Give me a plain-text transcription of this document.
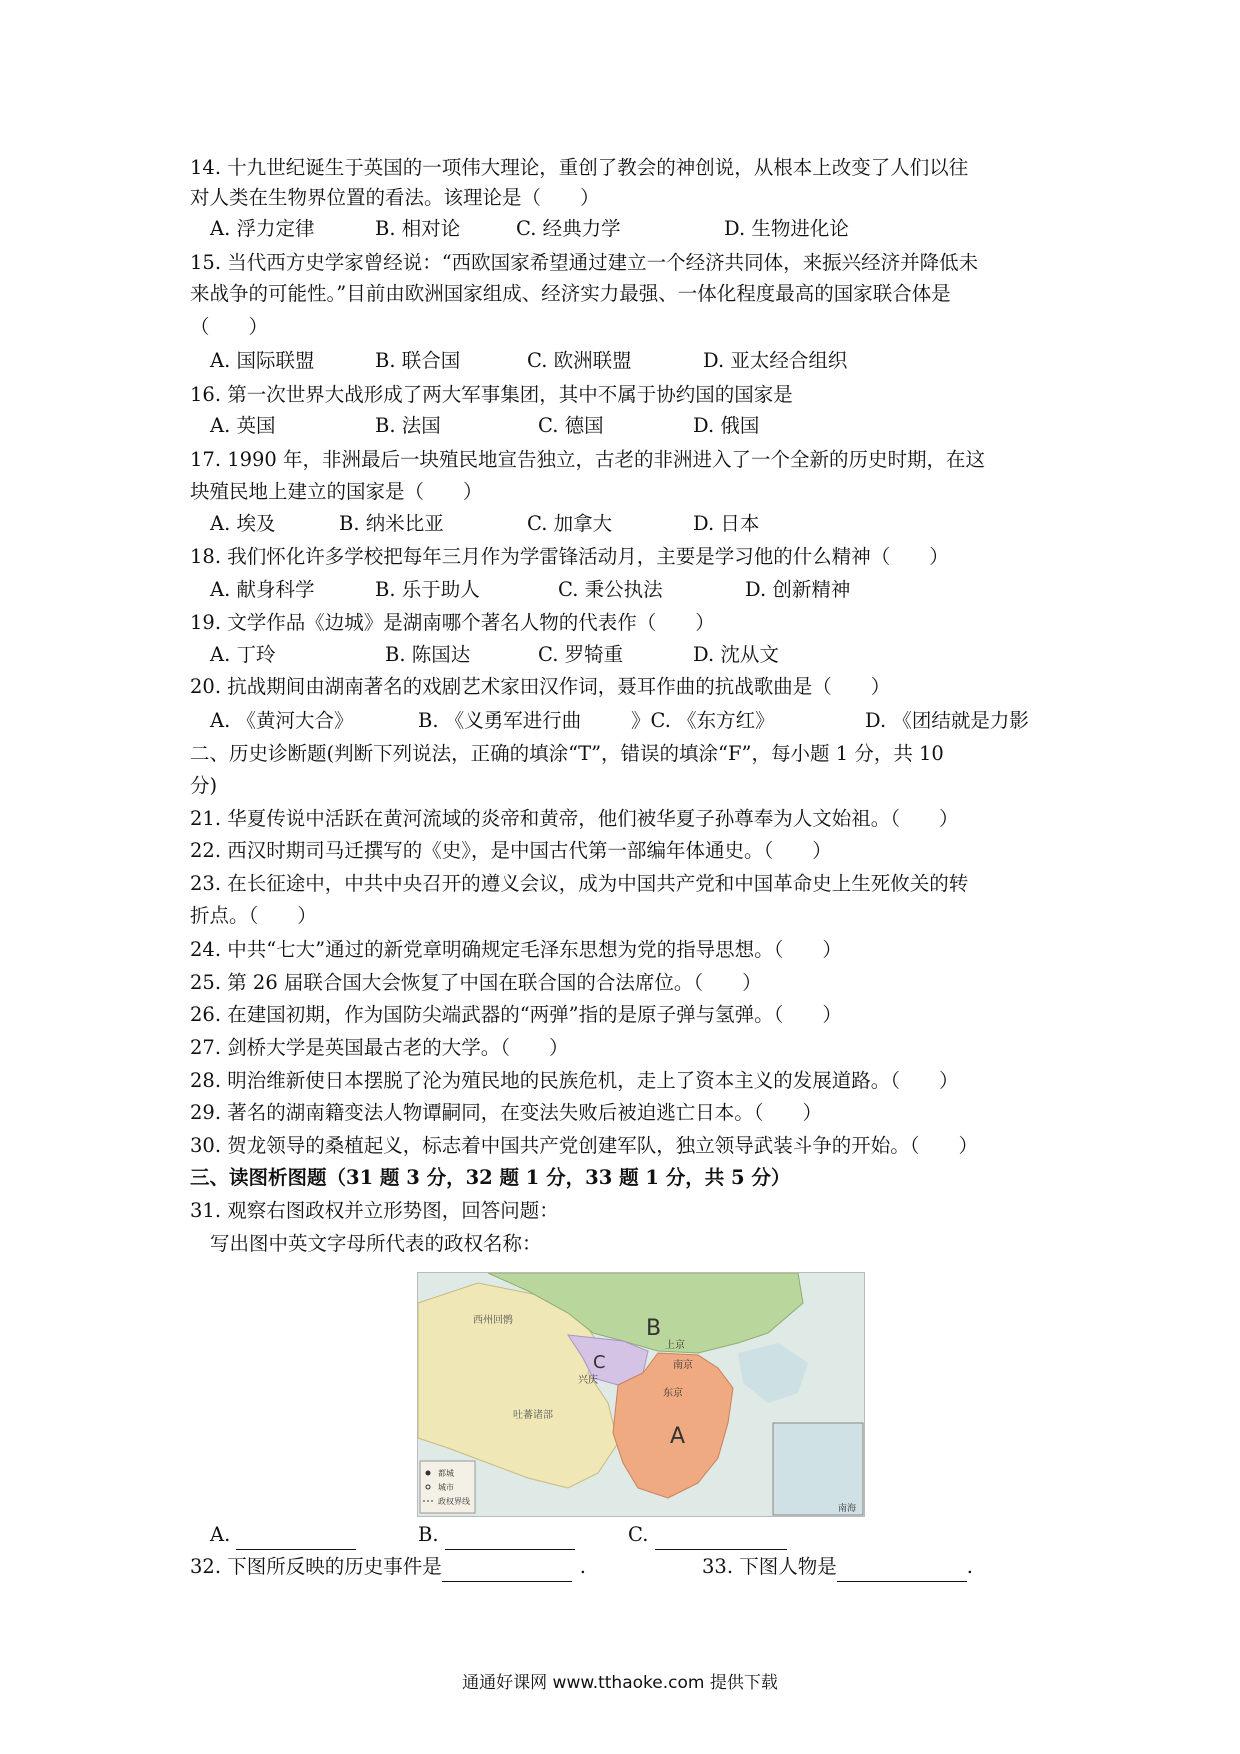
14. 十九世纪诞生于英国的一项伟大理论，重创了教会的神创说，从根本上改变了人们以往
对人类在生物界位置的看法。该理论是（　　）
A. 浮力定律	B. 相对论	C. 经典力学	D. 生物进化论
15. 当代西方史学家曾经说：“西欧国家希望通过建立一个经济共同体，来振兴经济并降低未
来战争的可能性。”目前由欧洲国家组成、经济实力最强、一体化程度最高的国家联合体是
（　　）
A. 国际联盟	B. 联合国	C. 欧洲联盟	D. 亚太经合组织
16. 第一次世界大战形成了两大军事集团，其中不属于协约国的国家是
A. 英国	B. 法国	C. 德国	D. 俄国
17. 1990 年，非洲最后一块殖民地宣告独立，古老的非洲进入了一个全新的历史时期，在这
块殖民地上建立的国家是（　　）
A. 埃及	B. 纳米比亚	C. 加拿大	D. 日本
18. 我们怀化许多学校把每年三月作为学雷锋活动月，主要是学习他的什么精神（　　）
A. 献身科学	B. 乐于助人	C. 秉公执法	D. 创新精神
19. 文学作品《边城》是湖南哪个著名人物的代表作（　　）
A. 丁玲	B. 陈国达	C. 罗犄重	D. 沈从文
20. 抗战期间由湖南著名的戏剧艺术家田汉作词，聂耳作曲的抗战歌曲是（　　）
A. 《黄河大合》	B. 《义勇军进行曲	》C. 《东方红》	D. 《团结就是力影
二、历史诊断题(判断下列说法，正确的填涂“T”，错误的填涂“F”，每小题 1 分，共 10
分)
21. 华夏传说中活跃在黄河流域的炎帝和黄帝，他们被华夏子孙尊奉为人文始祖。（　　）
22. 西汉时期司马迁撰写的《史》，是中国古代第一部编年体通史。（　　）
23. 在长征途中，中共中央召开的遵义会议，成为中国共产党和中国革命史上生死攸关的转
折点。（　　）
24. 中共“七大”通过的新党章明确规定毛泽东思想为党的指导思想。（　　）
25. 第 26 届联合国大会恢复了中国在联合国的合法席位。（　　）
26. 在建国初期，作为国防尖端武器的“两弹”指的是原子弹与氢弹。（　　）
27. 剑桥大学是英国最古老的大学。（　　）
28. 明治维新使日本摆脱了沦为殖民地的民族危机，走上了资本主义的发展道路。（　　）
29. 著名的湖南籍变法人物谭嗣同，在变法失败后被迫逃亡日本。（　　）
30. 贺龙领导的桑植起义，标志着中国共产党创建军队，独立领导武装斗争的开始。（　　）
三、读图析图题（31 题 3 分，32 题 1 分，33 题 1 分，共 5 分）
31. 观察右图政权并立形势图，回答问题：
写出图中英文字母所代表的政权名称：
都城
城市
政权界线
B
C
A
上京
南京
兴庆
东京
西州回鹘
吐蕃诸部
南海
A.	B.	C.
32. 下图所反映的历史事件是	.	33. 下图人物是	.
通通好课网 www.tthaoke.com 提供下载
